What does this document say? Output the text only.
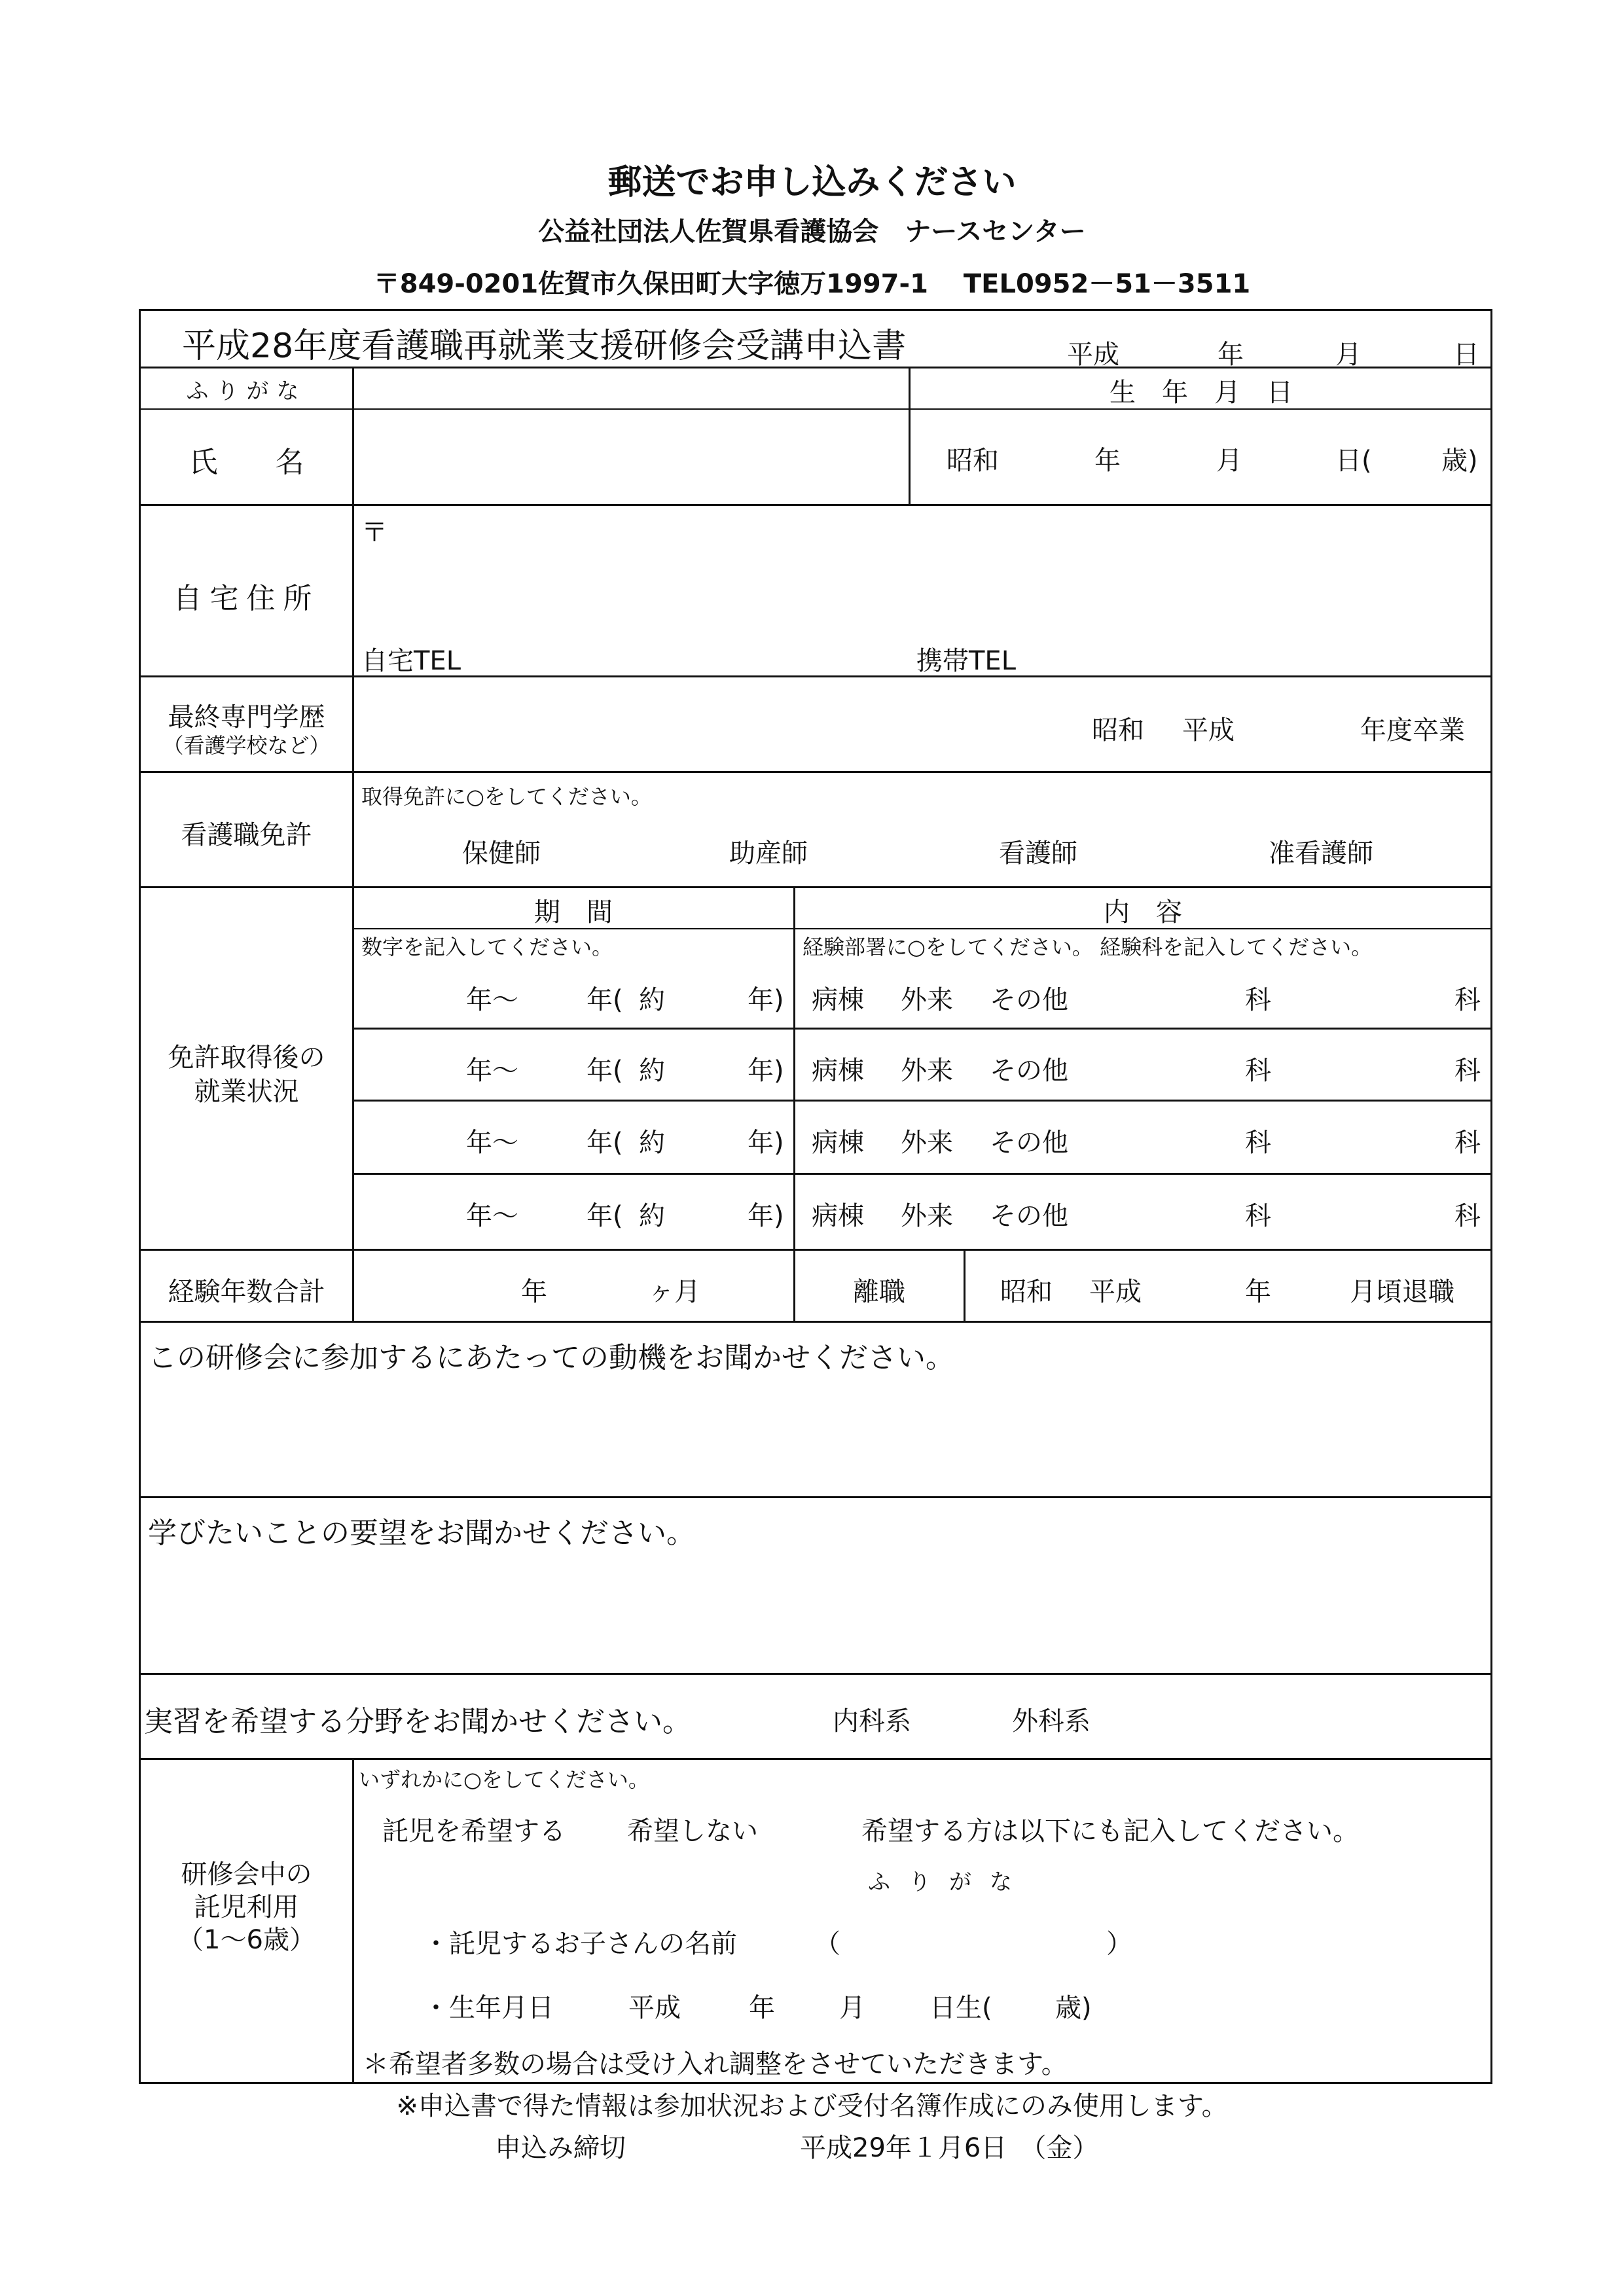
郵送でお申し込みください
公益社団法人佐賀県看護協会　ナースセンター
〒849-0201佐賀市久保田町大字徳万1997-1　 TEL0952－51－3511
平成28年度看護職再就業支援研修会受講申込書	平成	年	月	日
ふりがな	生　年　月　日
氏　　名	昭和	年	月	日(	歳)
自宅住所
〒
自宅TEL	携帯TEL
最終専門学歴
（看護学校など）	昭和 平成	年度卒業
看護職免許
取得免許に○をしてください。
保健師	助産師	看護師	准看護師
免許取得後の
就業状況
期　間	内　容
数字を記入してください。	経験部署に○をしてください。 経験科を記入してください。
年～	年( 約	年) 病棟 外来 その他	科	科
年～	年( 約	年) 病棟 外来 その他	科	科
年～	年( 約	年) 病棟 外来 その他	科	科
年～	年( 約	年) 病棟 外来 その他	科	科
経験年数合計	年	ヶ月	離職	昭和 平成	年	月頃退職
この研修会に参加するにあたっての動機をお聞かせください。
学びたいことの要望をお聞かせください。
実習を希望する分野をお聞かせください。	内科系	外科系
研修会中の
託児利用
（1～6歳）
いずれかに○をしてください。
託児を希望する 希望しない	希望する方は以下にも記入してください。
ふりがな
・託児するお子さんの名前	（	）
・生年月日	平成	年 月 日生( 歳)
＊希望者多数の場合は受け入れ調整をさせていただきます。
※申込書で得た情報は参加状況および受付名簿作成にのみ使用します。
申込み締切	平成29年１月6日　（金）
